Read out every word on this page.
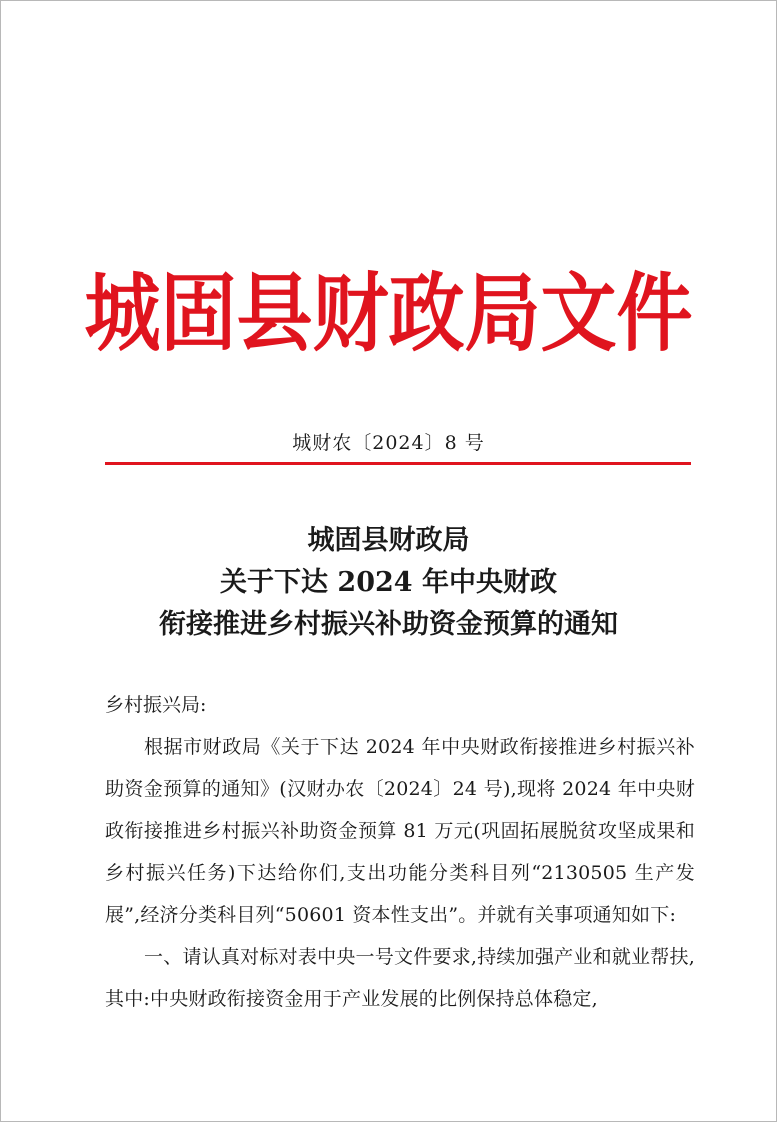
城固县财政局文件
城财农〔2024〕8 号
城固县财政局
关于下达 2024 年中央财政
衔接推进乡村振兴补助资金预算的通知
乡村振兴局:
根据市财政局《关于下达 2024 年中央财政衔接推进乡村振兴补助资金预算的通知》(汉财办农〔2024〕24 号),现将 2024 年中央财政衔接推进乡村振兴补助资金预算 81 万元(巩固拓展脱贫攻坚成果和乡村振兴任务)下达给你们,支出功能分类科目列“2130505 生产发展”,经济分类科目列“50601 资本性支出”。并就有关事项通知如下:
一、请认真对标对表中央一号文件要求,持续加强产业和就业帮扶,其中:中央财政衔接资金用于产业发展的比例保持总体稳定,
